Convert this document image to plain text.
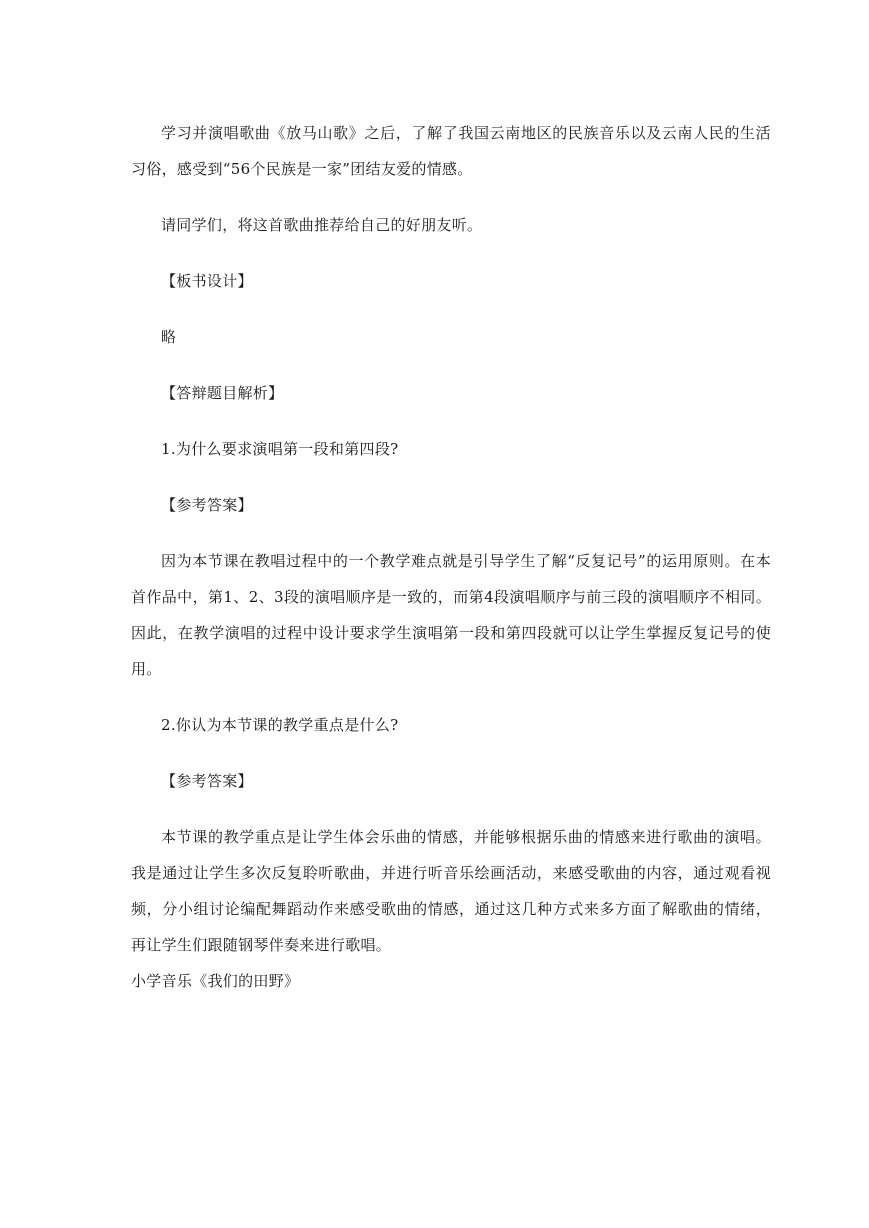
学习并演唱歌曲《放马山歌》之后，了解了我国云南地区的民族音乐以及云南人民的生活习俗，感受到“56个民族是一家”团结友爱的情感。

请同学们，将这首歌曲推荐给自己的好朋友听。

【板书设计】

略

【答辩题目解析】

1.为什么要求演唱第一段和第四段?

【参考答案】

因为本节课在教唱过程中的一个教学难点就是引导学生了解“反复记号”的运用原则。在本首作品中，第1、2、3段的演唱顺序是一致的，而第4段演唱顺序与前三段的演唱顺序不相同。因此，在教学演唱的过程中设计要求学生演唱第一段和第四段就可以让学生掌握反复记号的使用。

2.你认为本节课的教学重点是什么?

【参考答案】

本节课的教学重点是让学生体会乐曲的情感，并能够根据乐曲的情感来进行歌曲的演唱。我是通过让学生多次反复聆听歌曲，并进行听音乐绘画活动，来感受歌曲的内容，通过观看视频，分小组讨论编配舞蹈动作来感受歌曲的情感，通过这几种方式来多方面了解歌曲的情绪，再让学生们跟随钢琴伴奏来进行歌唱。

小学音乐《我们的田野》
